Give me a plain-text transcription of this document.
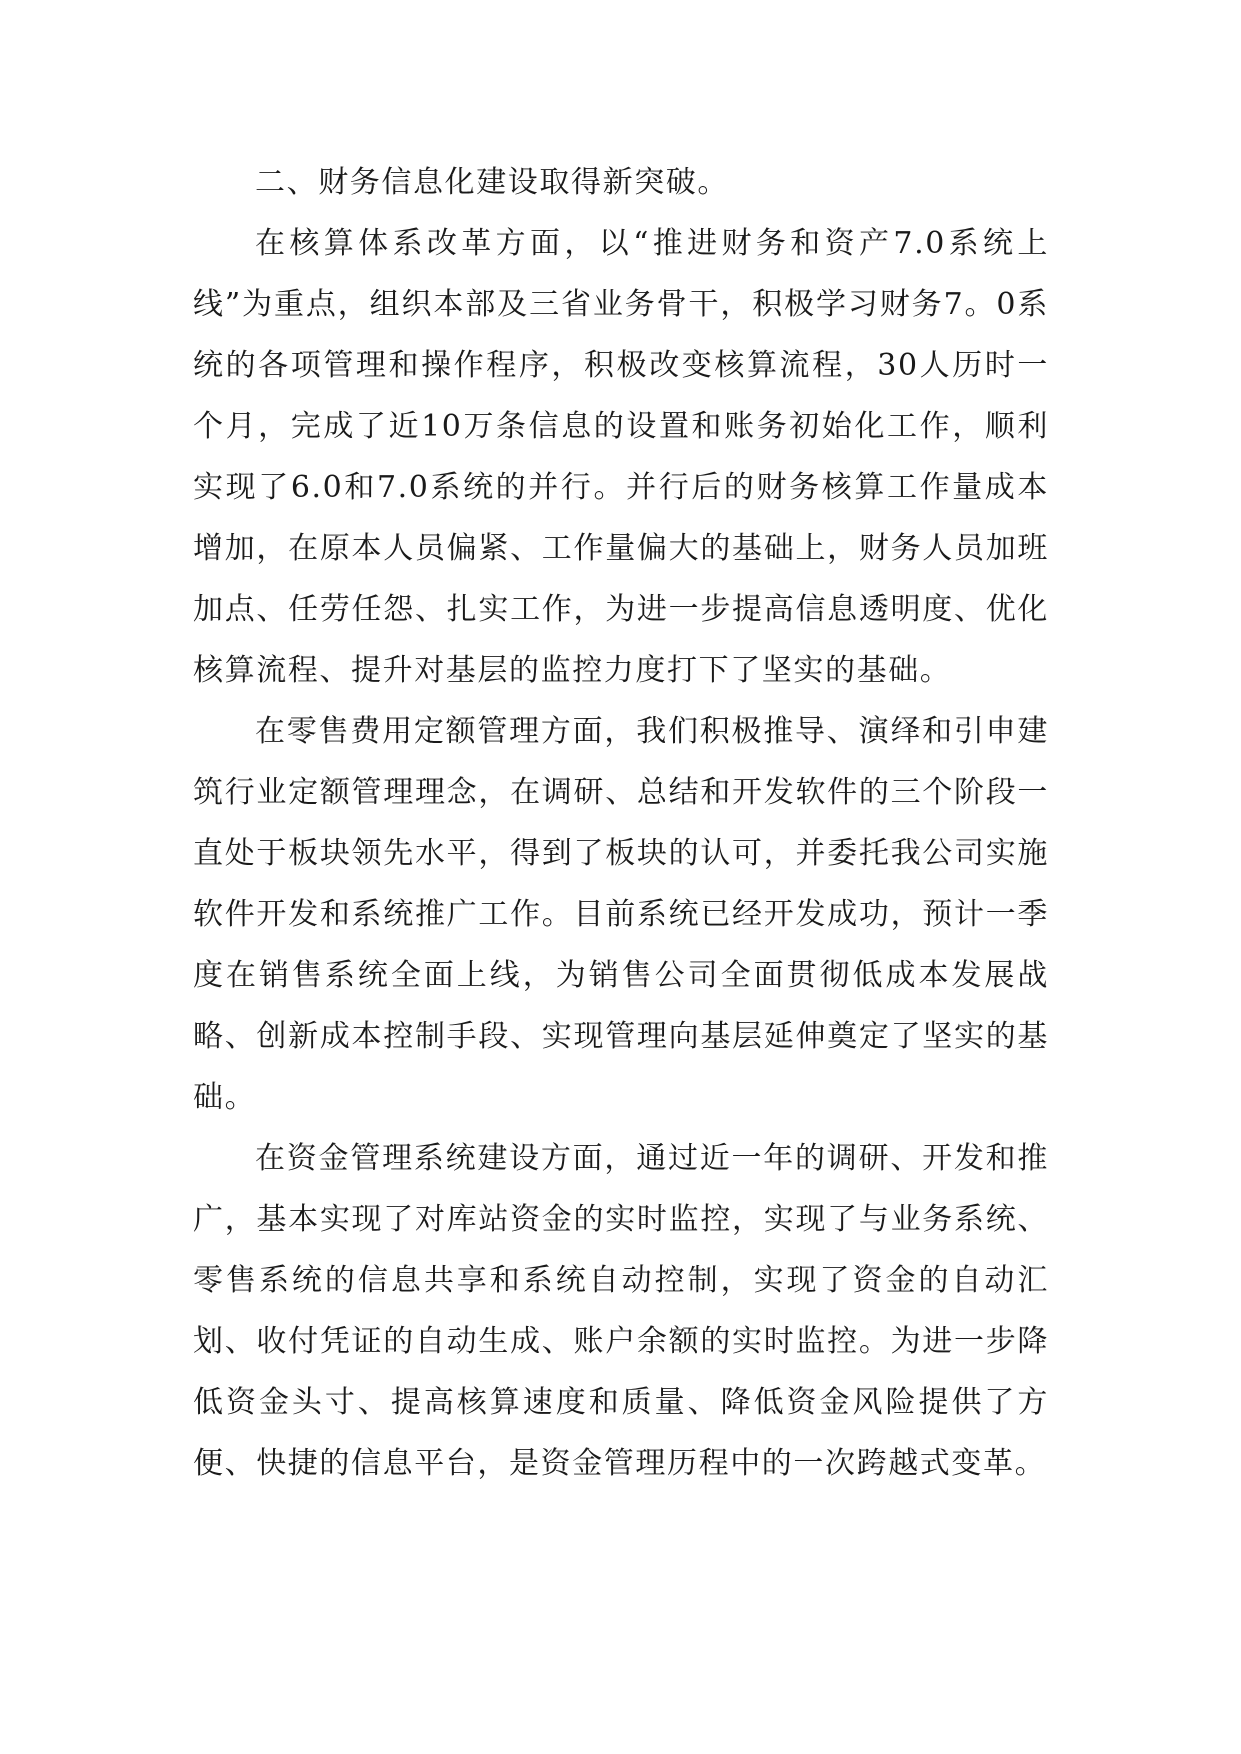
二、财务信息化建设取得新突破。

在核算体系改革方面，以“推进财务和资产7.0系统上线”为重点，组织本部及三省业务骨干，积极学习财务7。0系统的各项管理和操作程序，积极改变核算流程，30人历时一个月，完成了近10万条信息的设置和账务初始化工作，顺利实现了6.0和7.0系统的并行。并行后的财务核算工作量成本增加，在原本人员偏紧、工作量偏大的基础上，财务人员加班加点、任劳任怨、扎实工作，为进一步提高信息透明度、优化核算流程、提升对基层的监控力度打下了坚实的基础。

在零售费用定额管理方面，我们积极推导、演绎和引申建筑行业定额管理理念，在调研、总结和开发软件的三个阶段一直处于板块领先水平，得到了板块的认可，并委托我公司实施软件开发和系统推广工作。目前系统已经开发成功，预计一季度在销售系统全面上线，为销售公司全面贯彻低成本发展战略、创新成本控制手段、实现管理向基层延伸奠定了坚实的基础。

在资金管理系统建设方面，通过近一年的调研、开发和推广，基本实现了对库站资金的实时监控，实现了与业务系统、零售系统的信息共享和系统自动控制，实现了资金的自动汇划、收付凭证的自动生成、账户余额的实时监控。为进一步降低资金头寸、提高核算速度和质量、降低资金风险提供了方便、快捷的信息平台，是资金管理历程中的一次跨越式变革。
